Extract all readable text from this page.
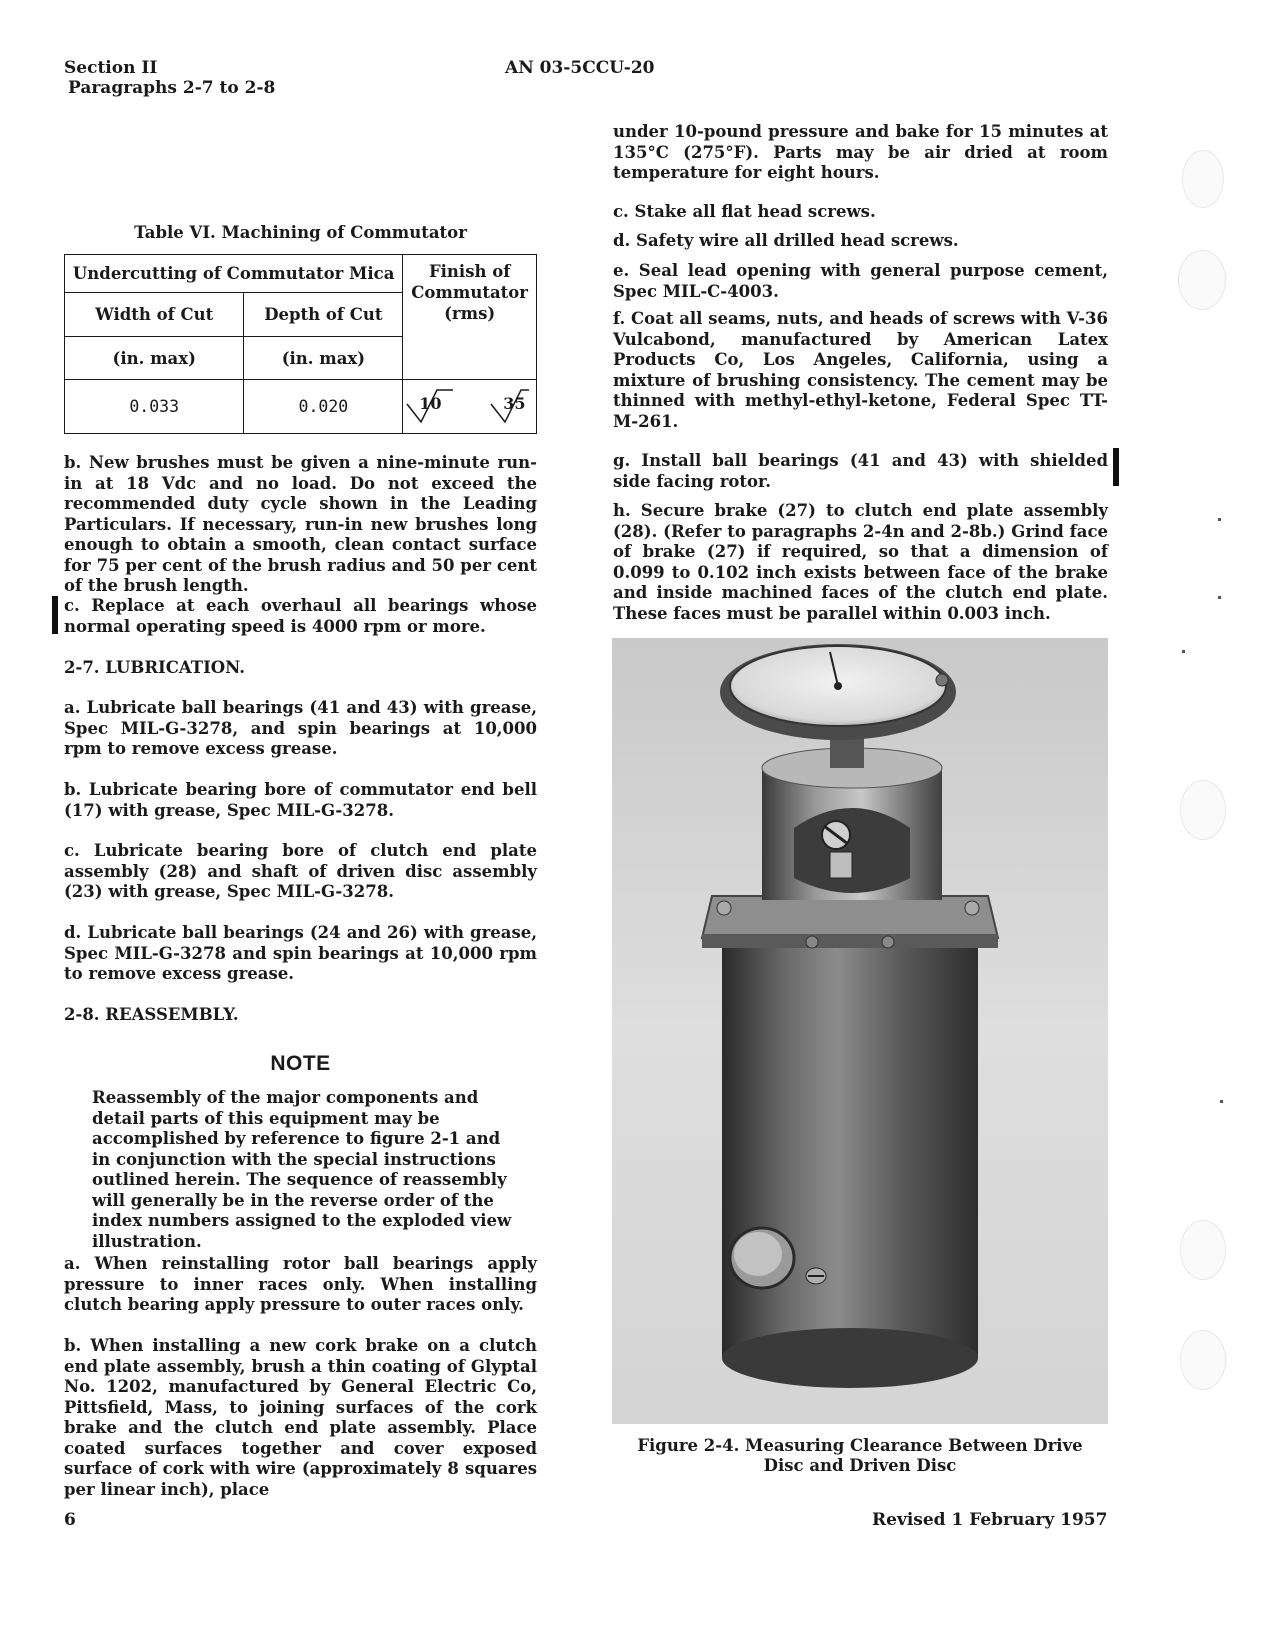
Section II
Paragraphs 2-7 to 2-8
AN 03-5CCU-20
Table VI. Machining of Commutator
Undercutting of Commutator Mica		Finish of Commutator (rms)

Width of Cut	Depth of Cut	
(in. max)	(in. max)	
0.033	0.020	10 35
b. New brushes must be given a nine-minute run-in at 18 Vdc and no load. Do not exceed the recommended duty cycle shown in the Leading Particulars. If necessary, run-in new brushes long enough to obtain a smooth, clean contact surface for 75 per cent of the brush radius and 50 per cent of the brush length.
c. Replace at each overhaul all bearings whose normal operating speed is 4000 rpm or more.
2-7. LUBRICATION.
a. Lubricate ball bearings (41 and 43) with grease, Spec MIL-G-3278, and spin bearings at 10,000 rpm to remove excess grease.
b. Lubricate bearing bore of commutator end bell (17) with grease, Spec MIL-G-3278.
c. Lubricate bearing bore of clutch end plate assembly (28) and shaft of driven disc assembly (23) with grease, Spec MIL-G-3278.
d. Lubricate ball bearings (24 and 26) with grease, Spec MIL-G-3278 and spin bearings at 10,000 rpm to remove excess grease.
2-8. REASSEMBLY.
NOTE
Reassembly of the major components and detail parts of this equipment may be accomplished by reference to figure 2-1 and in conjunction with the special instructions outlined herein. The sequence of reassembly will generally be in the reverse order of the index numbers assigned to the exploded view illustration.
a. When reinstalling rotor ball bearings apply pressure to inner races only. When installing clutch bearing apply pressure to outer races only.
b. When installing a new cork brake on a clutch end plate assembly, brush a thin coating of Glyptal No. 1202, manufactured by General Electric Co, Pittsfield, Mass, to joining surfaces of the cork brake and the clutch end plate assembly. Place coated surfaces together and cover exposed surface of cork with wire (approximately 8 squares per linear inch), place
under 10-pound pressure and bake for 15 minutes at 135°C (275°F). Parts may be air dried at room temperature for eight hours.
c. Stake all flat head screws.
d. Safety wire all drilled head screws.
e. Seal lead opening with general purpose cement, Spec MIL-C-4003.
f. Coat all seams, nuts, and heads of screws with V-36 Vulcabond, manufactured by American Latex Products Co, Los Angeles, California, using a mixture of brushing consistency. The cement may be thinned with methyl-ethyl-ketone, Federal Spec TT-M-261.
g. Install ball bearings (41 and 43) with shielded side facing rotor.
h. Secure brake (27) to clutch end plate assembly (28). (Refer to paragraphs 2-4n and 2-8b.) Grind face of brake (27) if required, so that a dimension of 0.099 to 0.102 inch exists between face of the brake and inside machined faces of the clutch end plate. These faces must be parallel within 0.003 inch.
Figure 2-4. Measuring Clearance Between Drive
Disc and Driven Disc
6	Revised 1 February 1957
